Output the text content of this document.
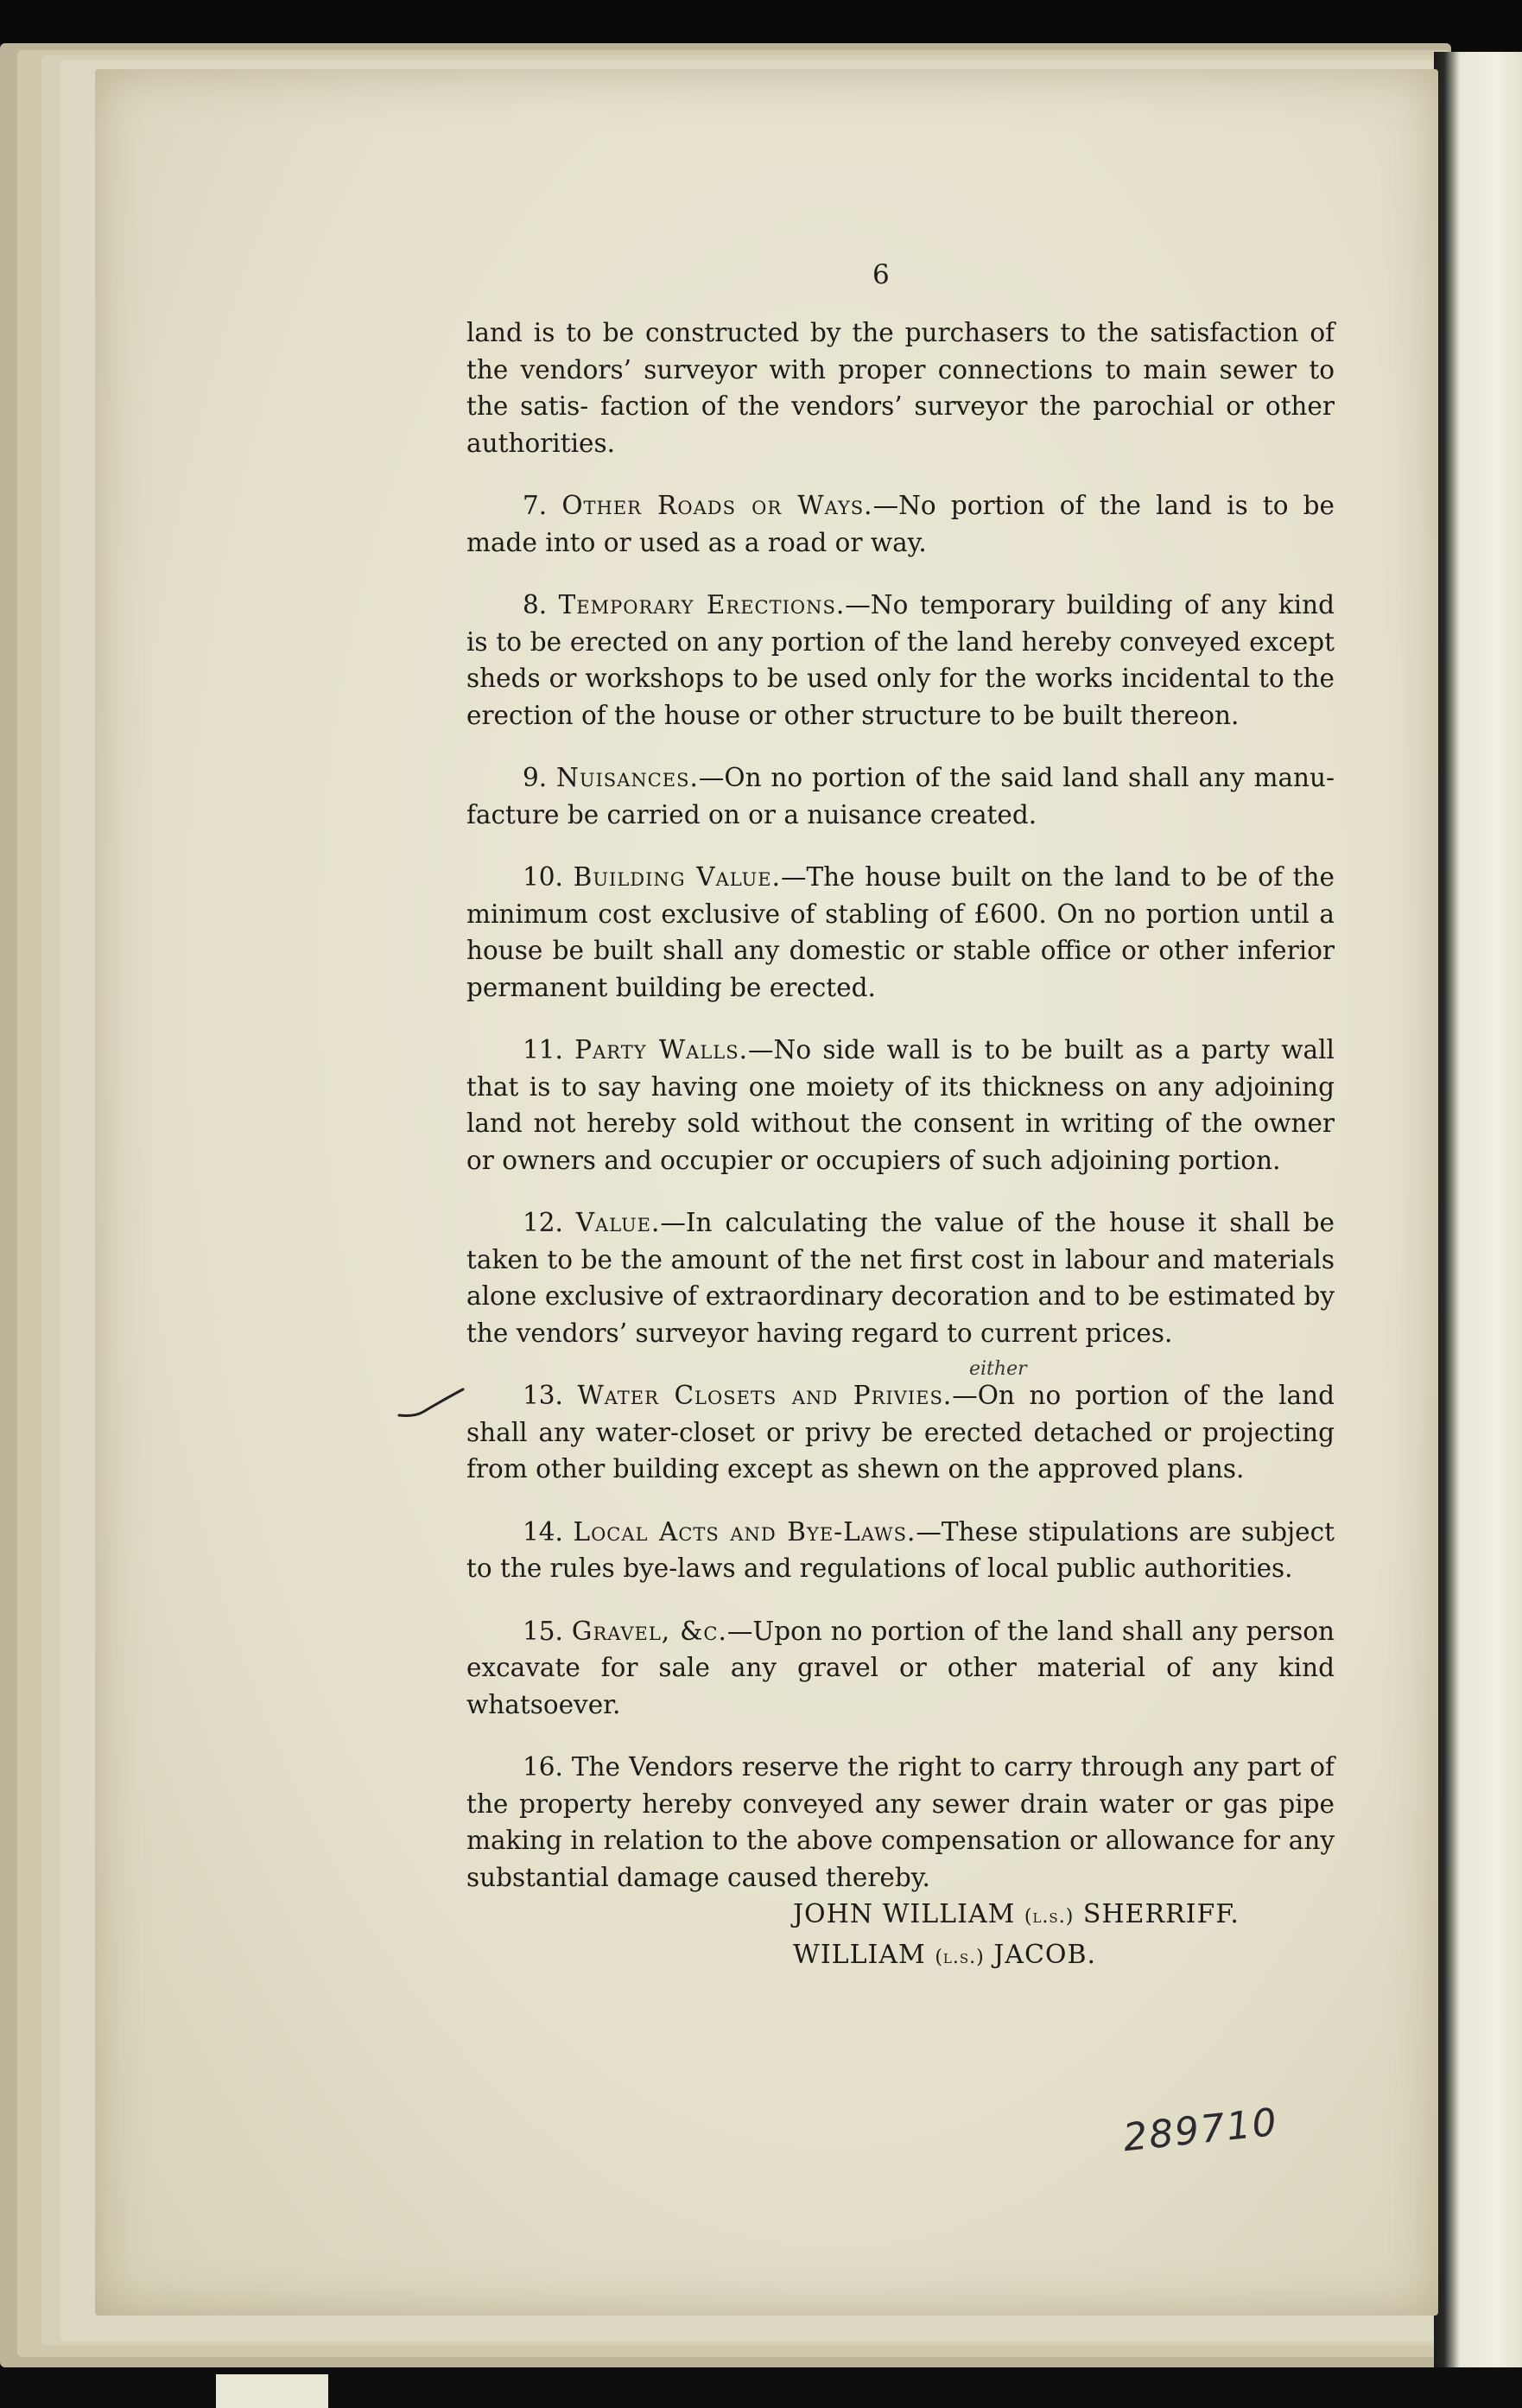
6

land is to be constructed by the purchasers to the satisfaction of the vendors’ surveyor with proper connections to main sewer to the satis- faction of the vendors’ surveyor the parochial or other authorities.

7. Other Roads or Ways.—No portion of the land is to be made into or used as a road or way.

8. Temporary Erections.—No temporary building of any kind is to be erected on any portion of the land hereby conveyed except sheds or workshops to be used only for the works incidental to the erection of the house or other structure to be built thereon.

9. Nuisances.—On no portion of the said land shall any manu- facture be carried on or a nuisance created.

10. Building Value.—The house built on the land to be of the minimum cost exclusive of stabling of £600. On no portion until a house be built shall any domestic or stable office or other inferior permanent building be erected.

11. Party Walls.—No side wall is to be built as a party wall that is to say having one moiety of its thickness on any adjoining land not hereby sold without the consent in writing of the owner or owners and occupier or occupiers of such adjoining portion.

12. Value.—In calculating the value of the house it shall be taken to be the amount of the net first cost in labour and materials alone exclusive of extraordinary decoration and to be estimated by the vendors’ surveyor having regard to current prices.

13. Water Closets and Privies.—On no portion of the land shall any water-closet or privy be erected detached or projecting from other building except as shewn on the approved plans.

14. Local Acts and Bye-Laws.—These stipulations are subject to the rules bye-laws and regulations of local public authorities.

15. Gravel, &c.—Upon no portion of the land shall any person excavate for sale any gravel or other material of any kind whatsoever.

16. The Vendors reserve the right to carry through any part of the property hereby conveyed any sewer drain water or gas pipe making in relation to the above compensation or allowance for any substantial damage caused thereby.

JOHN WILLIAM (l.s.) SHERRIFF.
WILLIAM (l.s.) JACOB.
either
289710
